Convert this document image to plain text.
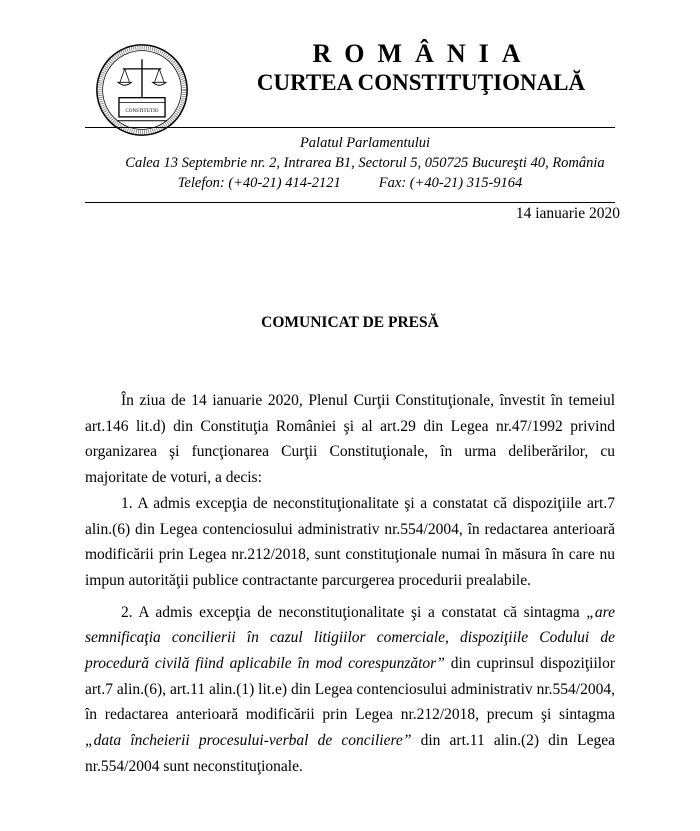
CONSTITUTIO
ROMÂNIA
CURTEA CONSTITUŢIONALĂ
Palatul Parlamentului
Calea 13 Septembrie nr. 2, Intrarea B1, Sectorul 5, 050725 Bucureşti 40, România
Telefon: (+40-21) 414-2121	Fax: (+40-21) 315-9164
14 ianuarie 2020
COMUNICAT DE PRESĂ

În ziua de 14 ianuarie 2020, Plenul Curţii Constituţionale, învestit în temeiul art.146 lit.d) din Constituţia României şi al art.29 din Legea nr.47/1992 privind organizarea şi funcţionarea Curţii Constituţionale, în urma deliberărilor, cu majoritate de voturi, a decis:

1. A admis excepţia de neconstituţionalitate şi a constatat că dispoziţiile art.7 alin.(6) din Legea contenciosului administrativ nr.554/2004, în redactarea anterioară modificării prin Legea nr.212/2018, sunt constituţionale numai în măsura în care nu impun autorităţii publice contractante parcurgerea procedurii prealabile.

2. A admis excepţia de neconstituţionalitate şi a constatat că sintagma „are semnificaţia concilierii în cazul litigiilor comerciale, dispoziţiile Codului de procedură civilă fiind aplicabile în mod corespunzător” din cuprinsul dispoziţiilor art.7 alin.(6), art.11 alin.(1) lit.e) din Legea contenciosului administrativ nr.554/2004, în redactarea anterioară modificării prin Legea nr.212/2018, precum şi sintagma „data încheierii procesului-verbal de conciliere” din art.11 alin.(2) din Legea nr.554/2004 sunt neconstituţionale.
